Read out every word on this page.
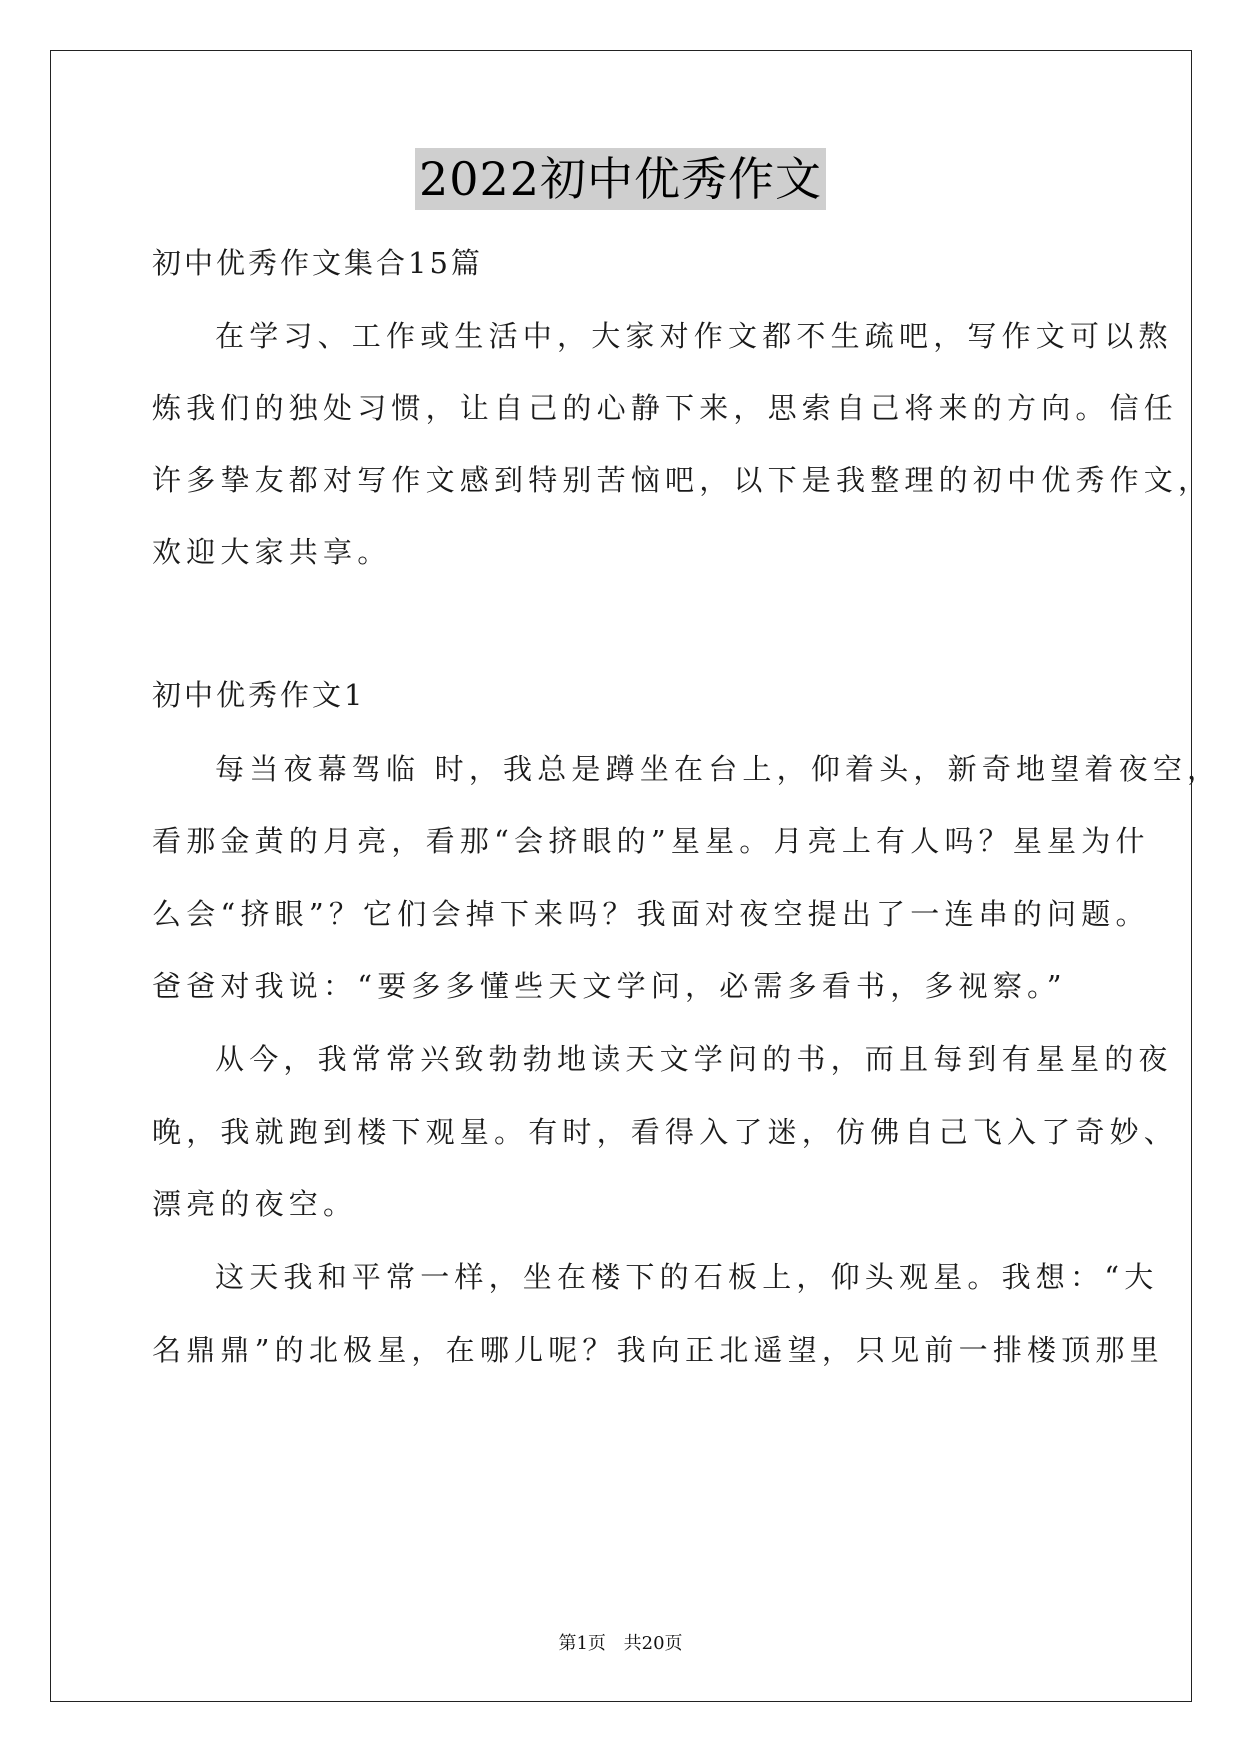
2022初中优秀作文
初中优秀作文集合15篇
在学习、工作或生活中，大家对作文都不生疏吧，写作文可以熬
炼我们的独处习惯，让自己的心静下来，思索自己将来的方向。信任
许多挚友都对写作文感到特别苦恼吧，以下是我整理的初中优秀作文，
欢迎大家共享。
初中优秀作文1
每当夜幕驾临 时，我总是蹲坐在台上，仰着头，新奇地望着夜空，
看那金黄的月亮，看那“会挤眼的”星星。月亮上有人吗？星星为什
么会“挤眼”？它们会掉下来吗？我面对夜空提出了一连串的问题。
爸爸对我说：“要多多懂些天文学问，必需多看书，多视察。”
从今，我常常兴致勃勃地读天文学问的书，而且每到有星星的夜
晚，我就跑到楼下观星。有时，看得入了迷，仿佛自己飞入了奇妙、
漂亮的夜空。
这天我和平常一样，坐在楼下的石板上，仰头观星。我想：“大
名鼎鼎”的北极星，在哪儿呢？我向正北遥望，只见前一排楼顶那里
第1页 共20页
